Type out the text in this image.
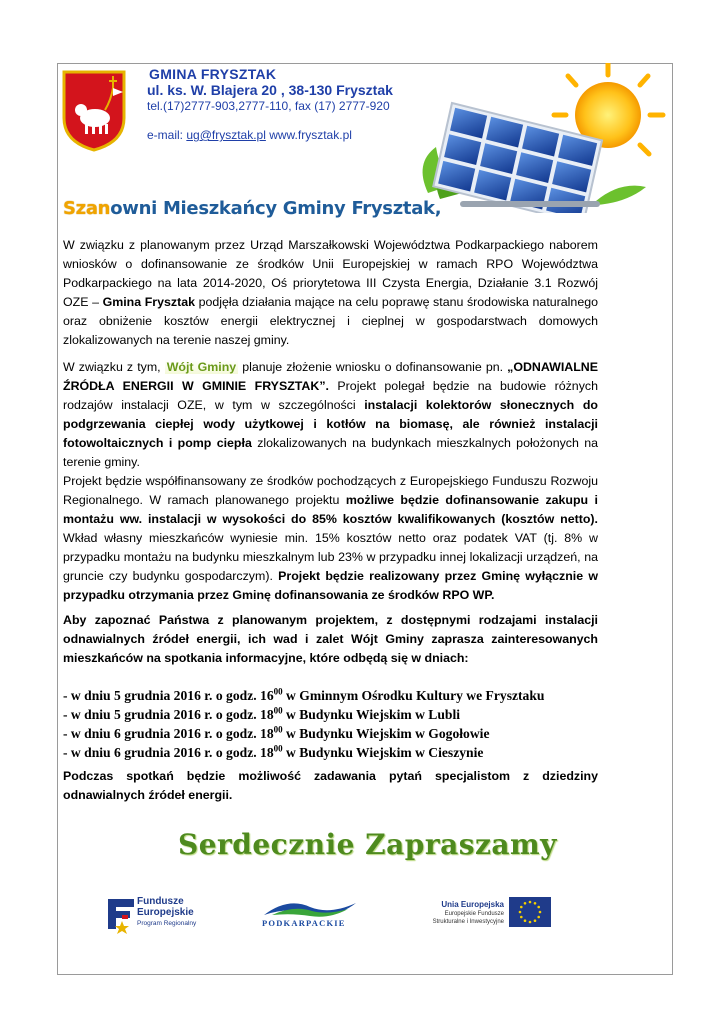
GMINA FRYSZTAK
ul. ks. W. Blajera 20 , 38-130 Frysztak
tel.(17)2777-903,2777-110, fax (17) 2777-920
e-mail: ug@frysztak.pl www.frysztak.pl
Szanowni Mieszkańcy Gminy Frysztak,
W związku z planowanym przez Urząd Marszałkowski Województwa Podkarpackiego naborem wniosków o dofinansowanie ze środków Unii Europejskiej w ramach RPO Województwa Podkarpackiego na lata 2014-2020, Oś priorytetowa III Czysta Energia, Działanie 3.1 Rozwój OZE – Gmina Frysztak podjęła działania mające na celu poprawę stanu środowiska naturalnego oraz obniżenie kosztów energii elektrycznej i cieplnej w gospodarstwach domowych zlokalizowanych na terenie naszej gminy.
W związku z tym, Wójt Gminy planuje złożenie wniosku o dofinansowanie pn. „ODNAWIALNE ŹRÓDŁA ENERGII W GMINIE FRYSZTAK”. Projekt polegał będzie na budowie różnych rodzajów instalacji OZE, w tym w szczególności instalacji kolektorów słonecznych do podgrzewania ciepłej wody użytkowej i kotłów na biomasę, ale również instalacji fotowoltaicznych i pomp ciepła zlokalizowanych na budynkach mieszkalnych położonych na terenie gminy.
Projekt będzie współfinansowany ze środków pochodzących z Europejskiego Funduszu Rozwoju Regionalnego. W ramach planowanego projektu możliwe będzie dofinansowanie zakupu i montażu ww. instalacji w wysokości do 85% kosztów kwalifikowanych (kosztów netto). Wkład własny mieszkańców wyniesie min. 15% kosztów netto oraz podatek VAT (tj. 8% w przypadku montażu na budynku mieszkalnym lub 23% w przypadku innej lokalizacji urządzeń, na gruncie czy budynku gospodarczym). Projekt będzie realizowany przez Gminę wyłącznie w przypadku otrzymania przez Gminę dofinansowania ze środków RPO WP.
Aby zapoznać Państwa z planowanym projektem, z dostępnymi rodzajami instalacji odnawialnych źródeł energii, ich wad i zalet Wójt Gminy zaprasza zainteresowanych mieszkańców na spotkania informacyjne, które odbędą się w dniach:
- w dniu 5 grudnia 2016 r. o godz. $16^{00}$ w Gminnym Ośrodku Kultury we Frysztaku
- w dniu 5 grudnia 2016 r. o godz. $18^{00}$ w Budynku Wiejskim w Lubli
- w dniu 6 grudnia 2016 r. o godz. $18^{00}$ w Budynku Wiejskim w Gogołowie
- w dniu 6 grudnia 2016 r. o godz. $18^{00}$ w Budynku Wiejskim w Cieszynie
Podczas spotkań będzie możliwość zadawania pytań specjalistom z dziedziny odnawialnych źródeł energii.
Serdecznie Zapraszamy
Fundusze
Europejskie
Program Regionalny	PODKARPACKIE
Unia Europejska
Europejskie Fundusze
Strukturalne i Inwestycyjne
